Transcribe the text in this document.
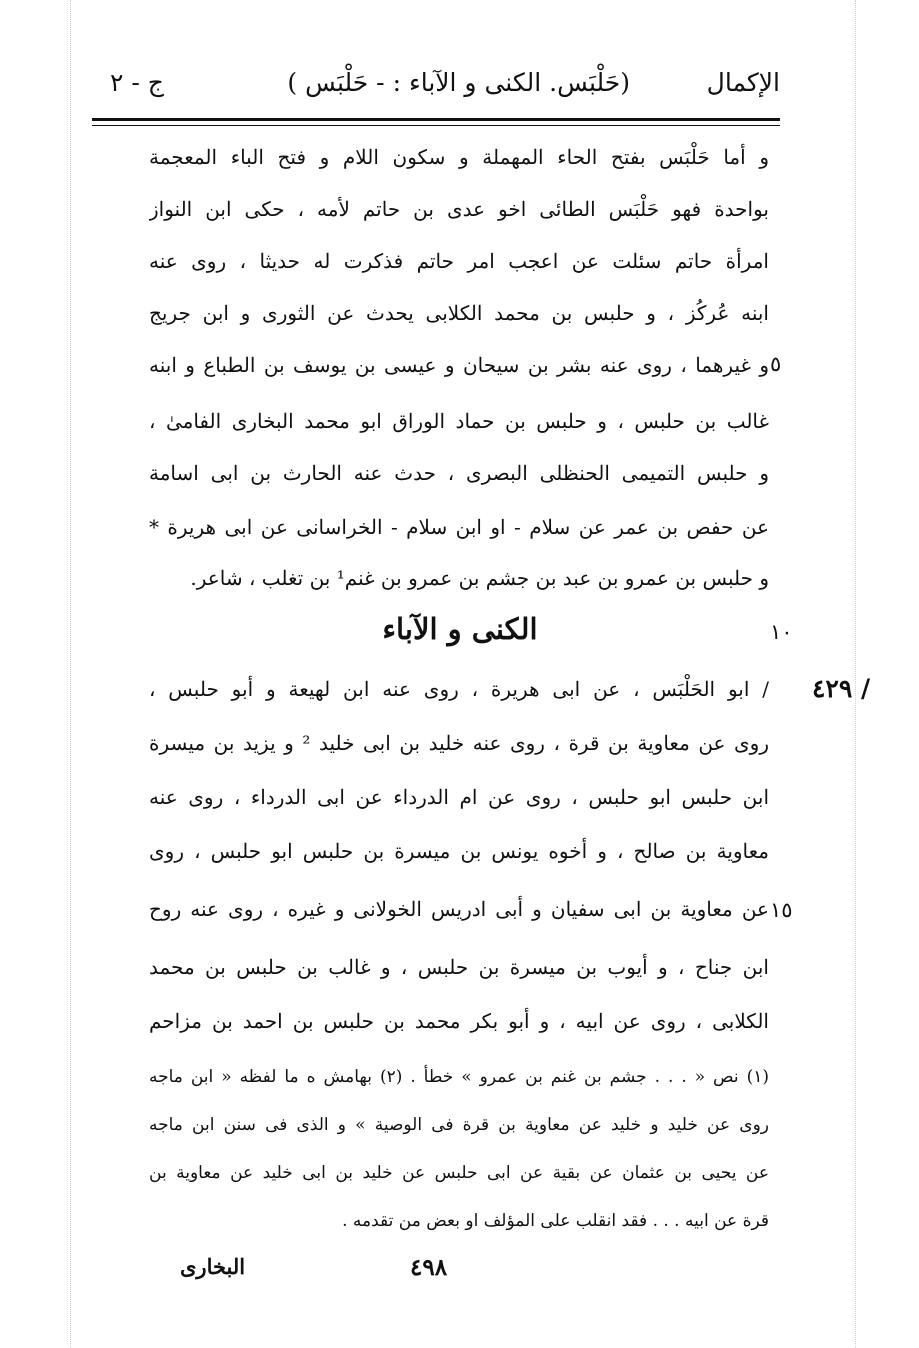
الإكمال
(حَلْبَس. الكنى و الآباء : - حَلْبَس )
ج - ٢
و أما حَلْبَس بفتح الحاء المهملة و سكون اللام و فتح الباء المعجمة
بواحدة فهو حَلْبَس الطائى اخو عدى بن حاتم لأمه ، حكى ابن النواز
امرأة حاتم سئلت عن اعجب امر حاتم فذكرت له حديثا ، روى عنه
ابنه عُركُز ، و حلبس بن محمد الكلابى يحدث عن الثورى و ابن جريج
و غيرهما ، روى عنه بشر بن سيحان و عيسى بن يوسف بن الطباع و ابنه
غالب بن حلبس ، و حلبس بن حماد الوراق ابو محمد البخارى الفامىٰ ،
و حلبس التميمى الحنظلى البصرى ، حدث عنه الحارث بن ابى اسامة
عن حفص بن عمر عن سلام - او ابن سلام - الخراسانى عن ابى هريرة *
و حلبس بن عمرو بن عبد بن جشم بن عمرو بن غنم¹ بن تغلب ، شاعر.
٥
١٠
الكنى و الآباء
/ ٤٢٩
/ ابو الحَلْبَس ، عن ابى هريرة ، روى عنه ابن لهيعة و أبو حلبس ،
روى عن معاوية بن قرة ، روى عنه خليد بن ابى خليد ² و يزيد بن ميسرة
ابن حلبس ابو حلبس ، روى عن ام الدرداء عن ابى الدرداء ، روى عنه
معاوية بن صالح ، و أخوه يونس بن ميسرة بن حلبس ابو حلبس ، روى
عن معاوية بن ابى سفيان و أبى ادريس الخولانى و غيره ، روى عنه روح
ابن جناح ، و أيوب بن ميسرة بن حلبس ، و غالب بن حلبس بن محمد
الكلابى ، روى عن ابيه ، و أبو بكر محمد بن حلبس بن احمد بن مزاحم
١٥
(١) نص « . . . جشم بن غنم بن عمرو » خطأ . (٢) بهامش ه ما لفظه « ابن ماجه
روى عن خليد و خليد عن معاوية بن قرة فى الوصية » و الذى فى سنن ابن ماجه
عن يحيى بن عثمان عن بقية عن ابى حلبس عن خليد بن ابى خليد عن معاوية بن
قرة عن ابيه . . . فقد انقلب على المؤلف او بعض من تقدمه .
٤٩٨
البخارى
